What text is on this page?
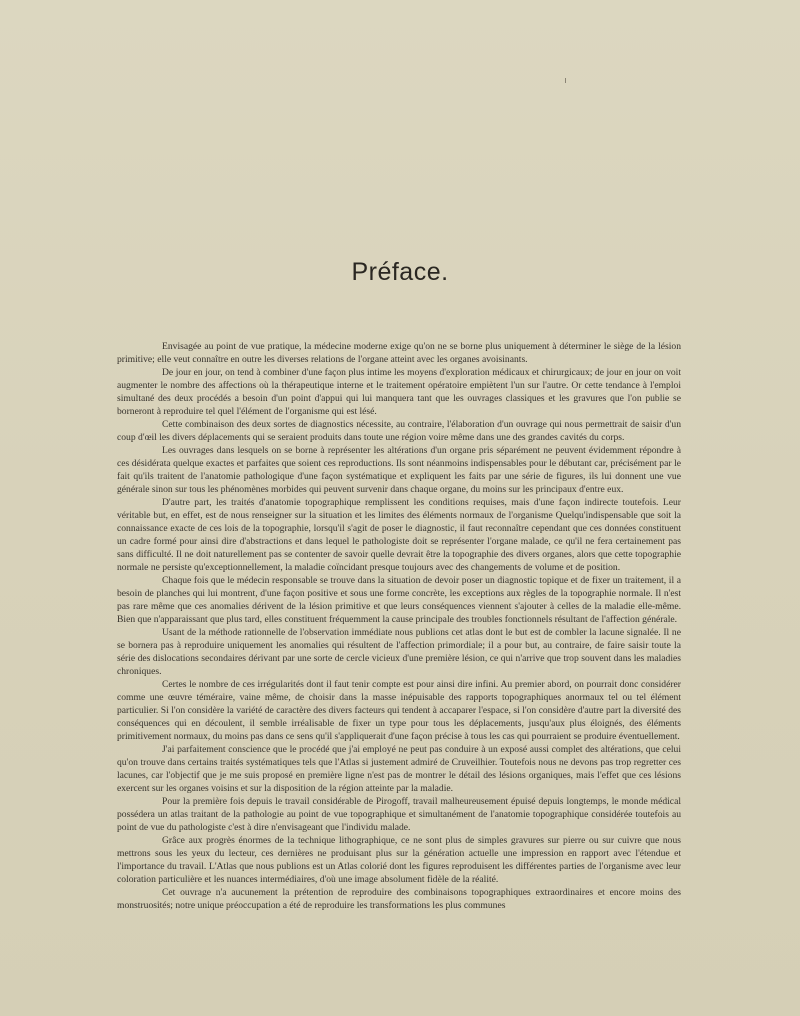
Préface.

Envisagée au point de vue pratique, la médecine moderne exige qu'on ne se borne plus uniquement à déterminer le siège de la lésion primitive; elle veut connaître en outre les diverses relations de l'organe atteint avec les organes avoisinants.

De jour en jour, on tend à combiner d'une façon plus intime les moyens d'exploration médicaux et chirurgicaux; de jour en jour on voit augmenter le nombre des affections où la thérapeutique interne et le traitement opératoire empiètent l'un sur l'autre. Or cette tendance à l'emploi simultané des deux procédés a besoin d'un point d'appui qui lui manquera tant que les ouvrages classiques et les gravures que l'on publie se borneront à reproduire tel quel l'élément de l'organisme qui est lésé.

Cette combinaison des deux sortes de diagnostics nécessite, au contraire, l'élaboration d'un ouvrage qui nous permettrait de saisir d'un coup d'œil les divers déplacements qui se seraient produits dans toute une région voire même dans une des grandes cavités du corps.

Les ouvrages dans lesquels on se borne à représenter les altérations d'un organe pris séparément ne peuvent évidemment répondre à ces désidérata quelque exactes et parfaites que soient ces reproductions. Ils sont néanmoins indispensables pour le débutant car, précisément par le fait qu'ils traitent de l'anatomie pathologique d'une façon systématique et expliquent les faits par une série de figures, ils lui donnent une vue générale sinon sur tous les phénomènes morbides qui peuvent survenir dans chaque organe, du moins sur les principaux d'entre eux.

D'autre part, les traités d'anatomie topographique remplissent les conditions requises, mais d'une façon indirecte toutefois. Leur véritable but, en effet, est de nous renseigner sur la situation et les limites des éléments normaux de l'organisme Quelqu'indispensable que soit la connaissance exacte de ces lois de la topographie, lorsqu'il s'agit de poser le diagnostic, il faut reconnaître cependant que ces données constituent un cadre formé pour ainsi dire d'abstractions et dans lequel le pathologiste doit se représenter l'organe malade, ce qu'il ne fera certainement pas sans difficulté. Il ne doit naturellement pas se contenter de savoir quelle devrait être la topographie des divers organes, alors que cette topographie normale ne persiste qu'exceptionnellement, la maladie coïncidant presque toujours avec des changements de volume et de position.

Chaque fois que le médecin responsable se trouve dans la situation de devoir poser un diagnostic topique et de fixer un traitement, il a besoin de planches qui lui montrent, d'une façon positive et sous une forme concrète, les exceptions aux règles de la topographie normale. Il n'est pas rare même que ces anomalies dérivent de la lésion primitive et que leurs conséquences viennent s'ajouter à celles de la maladie elle-même. Bien que n'apparaissant que plus tard, elles constituent fréquemment la cause principale des troubles fonctionnels résultant de l'affection générale.

Usant de la méthode rationnelle de l'observation immédiate nous publions cet atlas dont le but est de combler la lacune signalée. Il ne se bornera pas à reproduire uniquement les anomalies qui résultent de l'affection primordiale; il a pour but, au contraire, de faire saisir toute la série des dislocations secondaires dérivant par une sorte de cercle vicieux d'une première lésion, ce qui n'arrive que trop souvent dans les maladies chroniques.

Certes le nombre de ces irrégularités dont il faut tenir compte est pour ainsi dire infini. Au premier abord, on pourrait donc considérer comme une œuvre téméraire, vaine même, de choisir dans la masse inépuisable des rapports topographiques anormaux tel ou tel élément particulier. Si l'on considère la variété de caractère des divers facteurs qui tendent à accaparer l'espace, si l'on considère d'autre part la diversité des conséquences qui en découlent, il semble irréalisable de fixer un type pour tous les déplacements, jusqu'aux plus éloignés, des éléments primitivement normaux, du moins pas dans ce sens qu'il s'appliquerait d'une façon précise à tous les cas qui pourraient se produire éventuellement.

J'ai parfaitement conscience que le procédé que j'ai employé ne peut pas conduire à un exposé aussi complet des altérations, que celui qu'on trouve dans certains traités systématiques tels que l'Atlas si justement admiré de Cruveilhier. Toutefois nous ne devons pas trop regretter ces lacunes, car l'objectif que je me suis proposé en première ligne n'est pas de montrer le détail des lésions organiques, mais l'effet que ces lésions exercent sur les organes voisins et sur la disposition de la région atteinte par la maladie.

Pour la première fois depuis le travail considérable de Pirogoff, travail malheureusement épuisé depuis longtemps, le monde médical possédera un atlas traitant de la pathologie au point de vue topographique et simultanément de l'anatomie topographique considérée toutefois au point de vue du pathologiste c'est à dire n'envisageant que l'individu malade.

Grâce aux progrès énormes de la technique lithographique, ce ne sont plus de simples gravures sur pierre ou sur cuivre que nous mettrons sous les yeux du lecteur, ces dernières ne produisant plus sur la génération actuelle une impression en rapport avec l'étendue et l'importance du travail. L'Atlas que nous publions est un Atlas colorié dont les figures reproduisent les différentes parties de l'organisme avec leur coloration particulière et les nuances intermédiaires, d'où une image absolument fidèle de la réalité.

Cet ouvrage n'a aucunement la prétention de reproduire des combinaisons topographiques extraordinaires et encore moins des monstruosités; notre unique préoccupation a été de reproduire les transformations les plus communes
